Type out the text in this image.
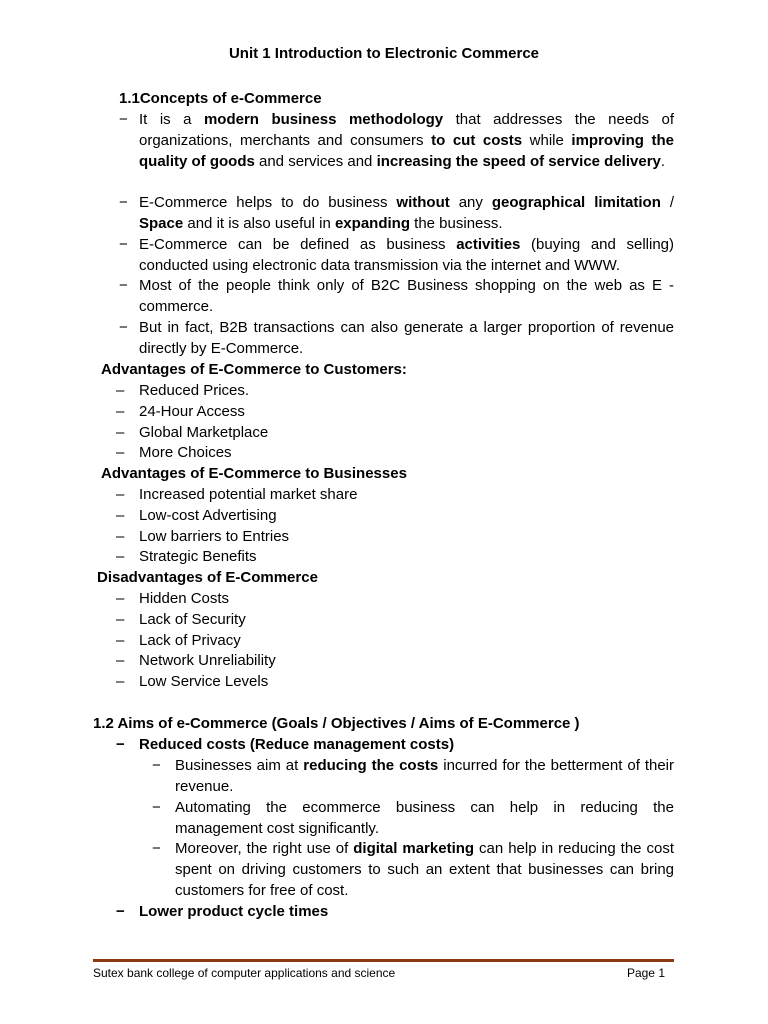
Unit 1 Introduction to Electronic Commerce
1.1Concepts of e-Commerce
− It is a modern business methodology that addresses the needs of organizations, merchants and consumers to cut costs while improving the quality of goods and services and increasing the speed of service delivery.
− E-Commerce helps to do business without any geographical limitation / Space and it is also useful in expanding the business.
− E-Commerce can be defined as business activities (buying and selling) conducted using electronic data transmission via the internet and WWW.
− Most of the people think only of B2C Business shopping on the web as E - commerce.
− But in fact, B2B transactions can also generate a larger proportion of revenue directly by E-Commerce.
Advantages of E-Commerce to Customers:
– Reduced Prices.
– 24-Hour Access
– Global Marketplace
– More Choices
Advantages of E-Commerce to Businesses
– Increased potential market share
– Low-cost Advertising
– Low barriers to Entries
– Strategic Benefits
Disadvantages of E-Commerce
– Hidden Costs
– Lack of Security
– Lack of Privacy
– Network Unreliability
– Low Service Levels
1.2 Aims of e-Commerce (Goals / Objectives / Aims of E-Commerce )
− Reduced costs (Reduce management costs)
− Businesses aim at reducing the costs incurred for the betterment of their revenue.
− Automating the ecommerce business can help in reducing the management cost significantly.
− Moreover, the right use of digital marketing can help in reducing the cost spent on driving customers to such an extent that businesses can bring customers for free of cost.
− Lower product cycle times
Sutex bank college of computer applications and science	Page 1
